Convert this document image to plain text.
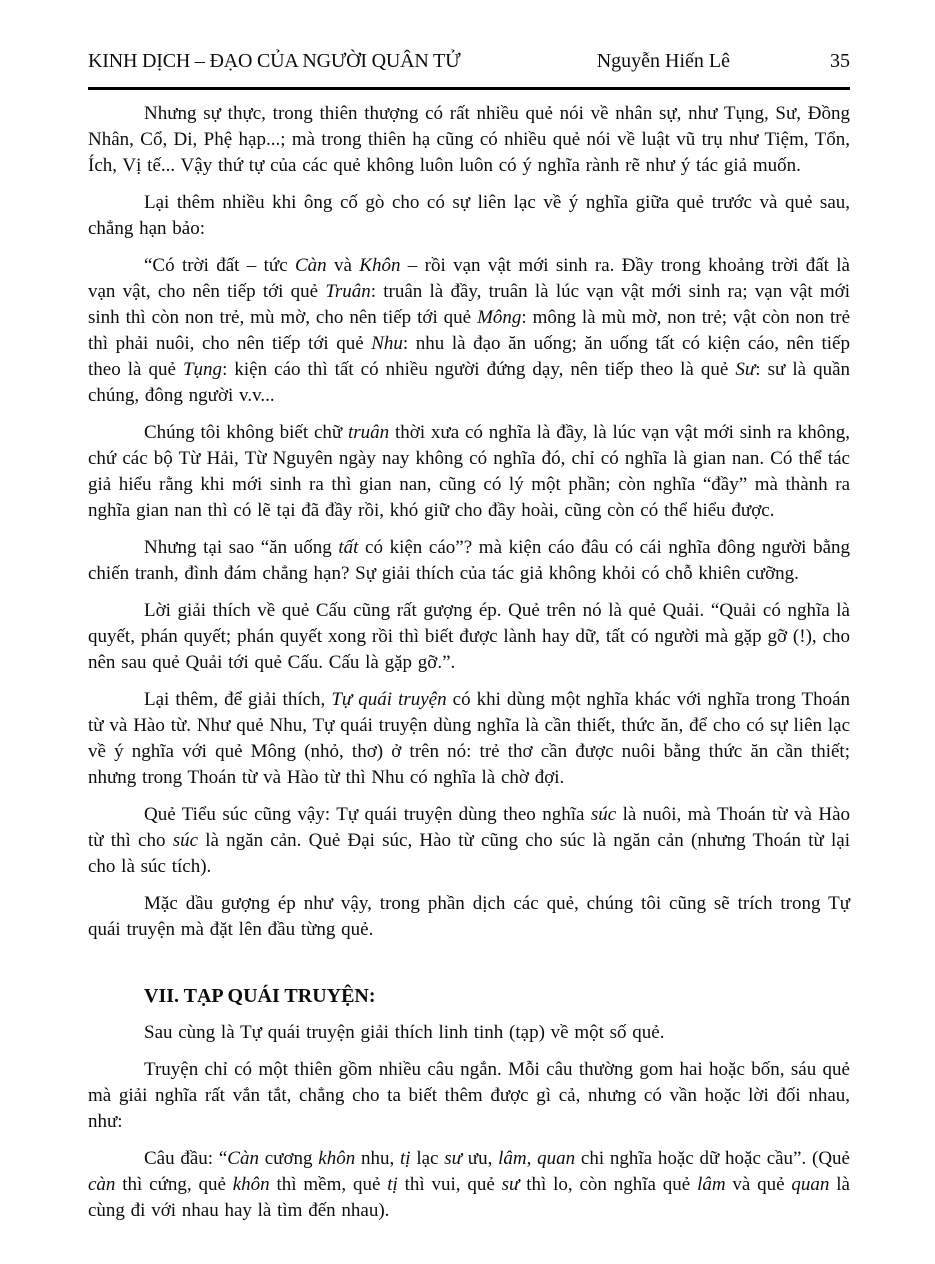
KINH DỊCH – ĐẠO CỦA NGƯỜI QUÂN TỬ	Nguyễn Hiến Lê	35

Nhưng sự thực, trong thiên thượng có rất nhiều quẻ nói về nhân sự, như Tụng, Sư, Đồng Nhân, Cổ, Di, Phệ hạp...; mà trong thiên hạ cũng có nhiều quẻ nói về luật vũ trụ như Tiệm, Tổn, Ích, Vị tế... Vậy thứ tự của các quẻ không luôn luôn có ý nghĩa rành rẽ như ý tác giả muốn.

Lại thêm nhiều khi ông cố gò cho có sự liên lạc về ý nghĩa giữa quẻ trước và quẻ sau, chẳng hạn bảo:

“Có trời đất – tức Càn và Khôn – rồi vạn vật mới sinh ra. Đầy trong khoảng trời đất là vạn vật, cho nên tiếp tới quẻ Truân: truân là đầy, truân là lúc vạn vật mới sinh ra; vạn vật mới sinh thì còn non trẻ, mù mờ, cho nên tiếp tới quẻ Mông: mông là mù mờ, non trẻ; vật còn non trẻ thì phải nuôi, cho nên tiếp tới quẻ Nhu: nhu là đạo ăn uống; ăn uống tất có kiện cáo, nên tiếp theo là quẻ Tụng: kiện cáo thì tất có nhiều người đứng dạy, nên tiếp theo là quẻ Sư: sư là quần chúng, đông người v.v...

Chúng tôi không biết chữ truân thời xưa có nghĩa là đầy, là lúc vạn vật mới sinh ra không, chứ các bộ Từ Hải, Từ Nguyên ngày nay không có nghĩa đó, chỉ có nghĩa là gian nan. Có thể tác giả hiểu rằng khi mới sinh ra thì gian nan, cũng có lý một phần; còn nghĩa “đầy” mà thành ra nghĩa gian nan thì có lẽ tại đã đầy rồi, khó giữ cho đầy hoài, cũng còn có thể hiểu được.

Nhưng tại sao “ăn uống tất có kiện cáo”? mà kiện cáo đâu có cái nghĩa đông người bằng chiến tranh, đình đám chẳng hạn? Sự giải thích của tác giả không khỏi có chỗ khiên cưỡng.

Lời giải thích về quẻ Cấu cũng rất gượng ép. Quẻ trên nó là quẻ Quải. “Quải có nghĩa là quyết, phán quyết; phán quyết xong rồi thì biết được lành hay dữ, tất có người mà gặp gỡ (!), cho nên sau quẻ Quải tới quẻ Cấu. Cấu là gặp gỡ.”.

Lại thêm, để giải thích, Tự quái truyện có khi dùng một nghĩa khác với nghĩa trong Thoán từ và Hào từ. Như quẻ Nhu, Tự quái truyện dùng nghĩa là cần thiết, thức ăn, để cho có sự liên lạc về ý nghĩa với quẻ Mông (nhỏ, thơ) ở trên nó: trẻ thơ cần được nuôi bằng thức ăn cần thiết; nhưng trong Thoán từ và Hào từ thì Nhu có nghĩa là chờ đợi.

Quẻ Tiểu súc cũng vậy: Tự quái truyện dùng theo nghĩa súc là nuôi, mà Thoán từ và Hào từ thì cho súc là ngăn cản. Quẻ Đại súc, Hào từ cũng cho súc là ngăn cản (nhưng Thoán từ lại cho là súc tích).

Mặc dầu gượng ép như vậy, trong phần dịch các quẻ, chúng tôi cũng sẽ trích trong Tự quái truyện mà đặt lên đầu từng quẻ.

VII. TẠP QUÁI TRUYỆN:

Sau cùng là Tự quái truyện giải thích linh tinh (tạp) về một số quẻ.

Truyện chỉ có một thiên gồm nhiều câu ngắn. Mỗi câu thường gom hai hoặc bốn, sáu quẻ mà giải nghĩa rất vắn tắt, chẳng cho ta biết thêm được gì cả, nhưng có vần hoặc lời đối nhau, như:

Câu đầu: “Càn cương khôn nhu, tị lạc sư ưu, lâm, quan chi nghĩa hoặc dữ hoặc cầu”. (Quẻ càn thì cứng, quẻ khôn thì mềm, quẻ tị thì vui, quẻ sư thì lo, còn nghĩa quẻ lâm và quẻ quan là cùng đi với nhau hay là tìm đến nhau).
